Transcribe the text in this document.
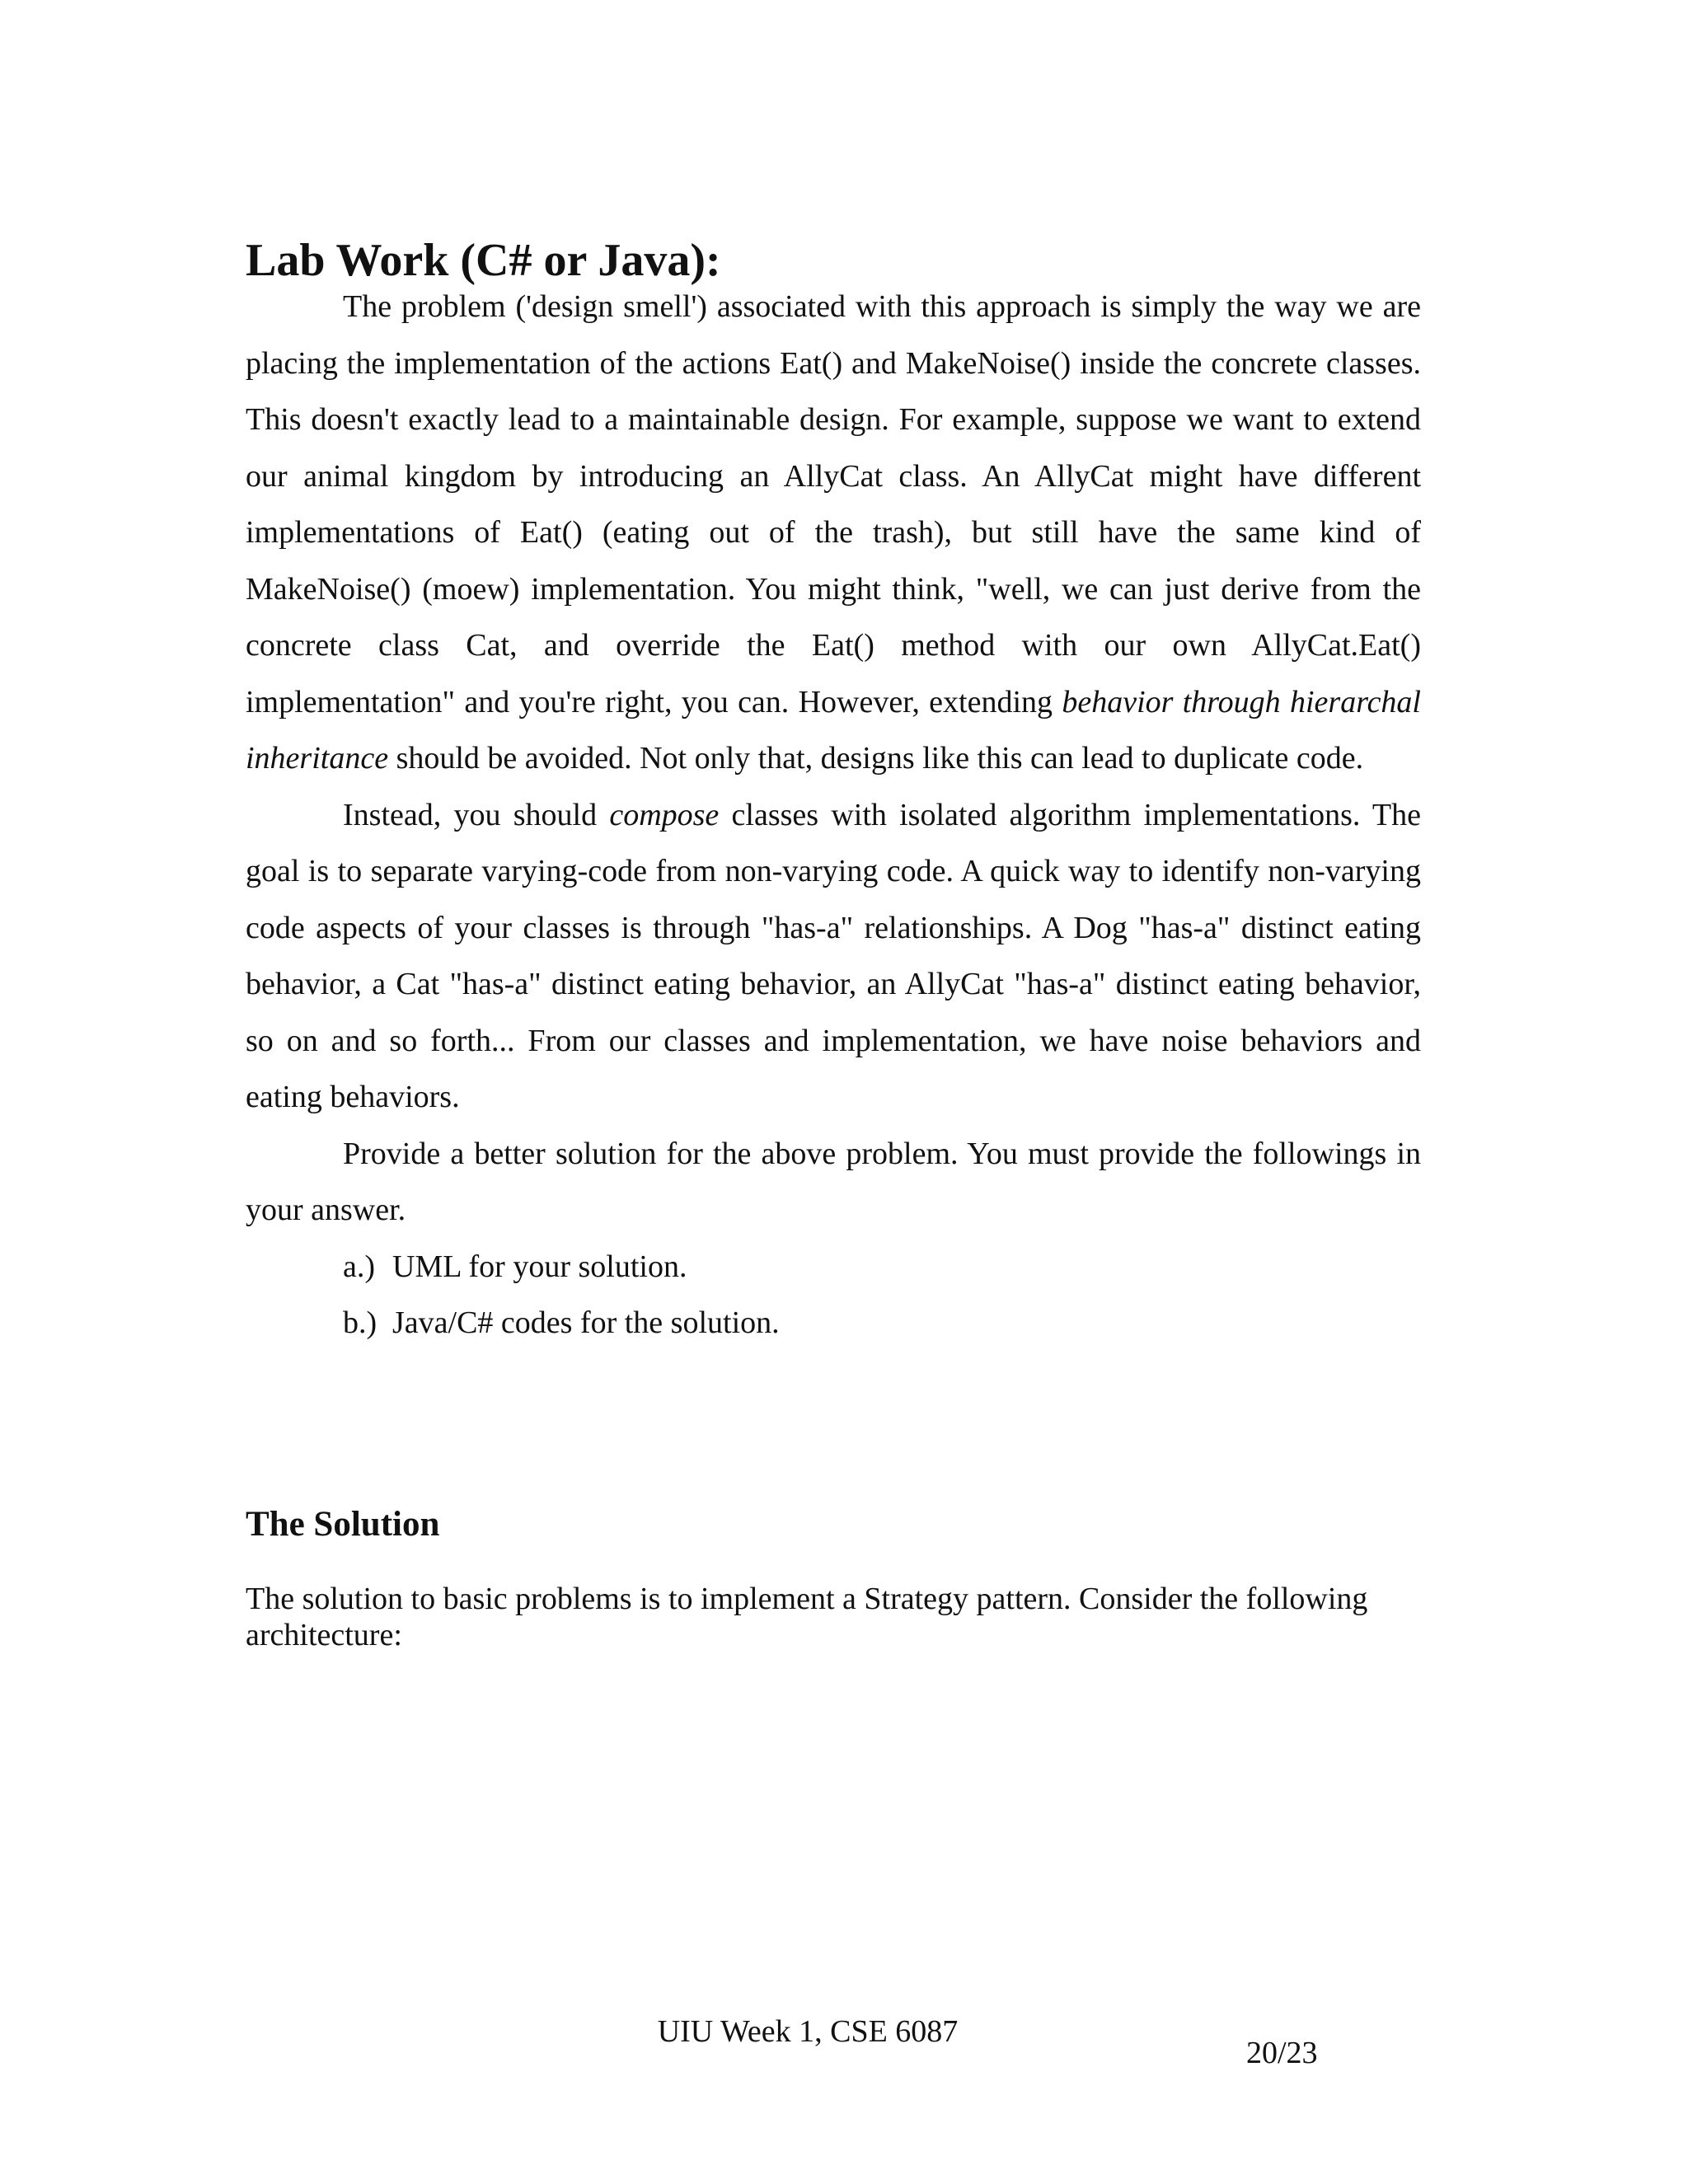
Lab Work (C# or Java):

The problem ('design smell') associated with this approach is simply the way we are placing the implementation of the actions Eat() and MakeNoise() inside the concrete classes. This doesn't exactly lead to a maintainable design. For example, suppose we want to extend our animal kingdom by introducing an AllyCat class. An AllyCat might have different implementations of Eat() (eating out of the trash), but still have the same kind of MakeNoise() (moew) implementation. You might think, "well, we can just derive from the concrete class Cat, and override the Eat() method with our own AllyCat.Eat() implementation" and you're right, you can. However, extending behavior through hierarchal inheritance should be avoided. Not only that, designs like this can lead to duplicate code.

Instead, you should compose classes with isolated algorithm implementations. The goal is to separate varying-code from non-varying code. A quick way to identify non-varying code aspects of your classes is through "has-a" relationships. A Dog "has-a" distinct eating behavior, a Cat "has-a" distinct eating behavior, an AllyCat "has-a" distinct eating behavior, so on and so forth... From our classes and implementation, we have noise behaviors and eating behaviors.

Provide a better solution for the above problem. You must provide the followings in your answer.

a.) UML for your solution.
b.) Java/C# codes for the solution.
The Solution

The solution to basic problems is to implement a Strategy pattern. Consider the following architecture:

UIU Week 1, CSE 6087
20/23
